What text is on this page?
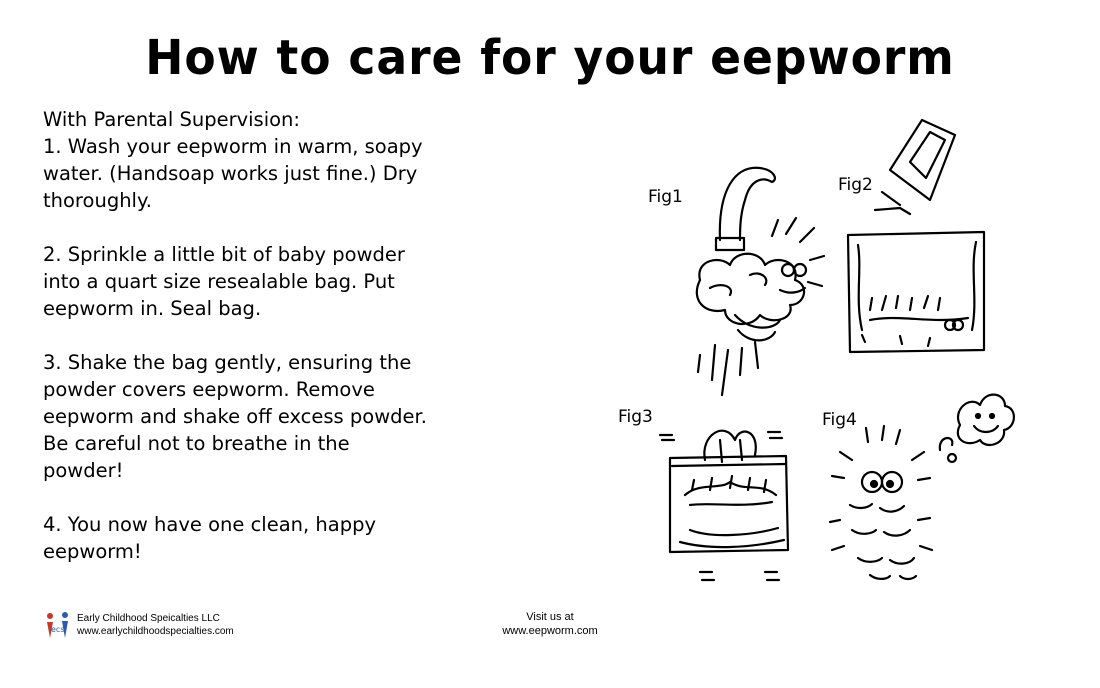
How to care for your eepworm
With Parental Supervision:

1. Wash your eepworm in warm, soapy water. (Handsoap works just fine.) Dry thoroughly.

2. Sprinkle a little bit of baby powder into a quart size resealable bag. Put eepworm in. Seal bag.

3. Shake the bag gently, ensuring the powder covers eepworm. Remove eepworm and shake off excess powder. Be careful not to breathe in the powder!

4. You now have one clean, happy eepworm!

Fig1
Fig2
Fig3	Fig4
ecs
Early Childhood Speicalties LLC
www.earlychildhoodspecialties.com
Visit us at
www.eepworm.com
